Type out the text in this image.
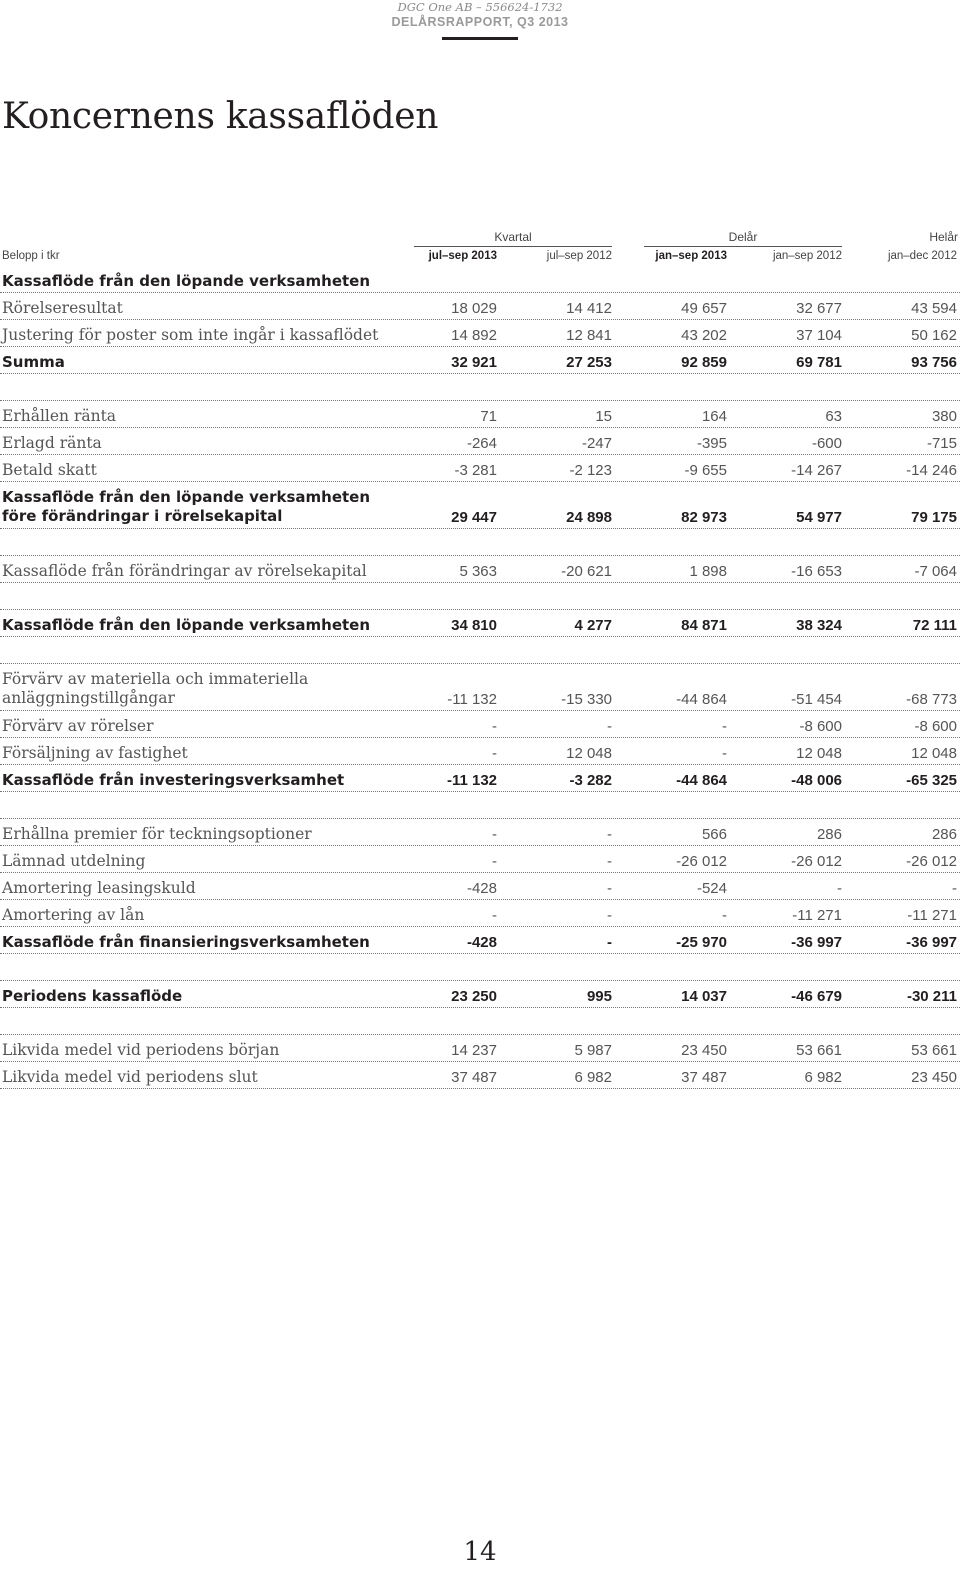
DGC One AB – 556624-1732
DELÅRSRAPPORT, Q3 2013
Koncernens kassaflöden
Kvartal	Delår	Helår
Belopp i tkr	jul–sep 2013	jul–sep 2012	jan–sep 2013	jan–sep 2012	jan–dec 2012
Kassaflöde från den löpande verksamheten
Rörelseresultat	18 029	14 412	49 657	32 677	43 594
Justering för poster som inte ingår i kassaflödet	14 892	12 841	43 202	37 104	50 162
Summa	32 921	27 253	92 859	69 781	93 756
Erhållen ränta	71	15	164	63	380
Erlagd ränta	-264	-247	-395	-600	-715
Betald skatt	-3 281	-2 123	-9 655	-14 267	-14 246
Kassaflöde från den löpande verksamheten före förändringar i rörelsekapital	29 447	24 898	82 973	54 977	79 175
Kassaflöde från förändringar av rörelsekapital	5 363	-20 621	1 898	-16 653	-7 064
Kassaflöde från den löpande verksamheten	34 810	4 277	84 871	38 324	72 111
Förvärv av materiella och immateriella anläggningstillgångar	-11 132	-15 330	-44 864	-51 454	-68 773
Förvärv av rörelser	-	-	-	-8 600	-8 600
Försäljning av fastighet	-	12 048	-	12 048	12 048
Kassaflöde från investeringsverksamhet	-11 132	-3 282	-44 864	-48 006	-65 325
Erhållna premier för teckningsoptioner	-	-	566	286	286
Lämnad utdelning	-	-	-26 012	-26 012	-26 012
Amortering leasingskuld	-428	-	-524	-	-
Amortering av lån	-	-	-	-11 271	-11 271
Kassaflöde från finansieringsverksamheten	-428	-	-25 970	-36 997	-36 997
Periodens kassaflöde	23 250	995	14 037	-46 679	-30 211
Likvida medel vid periodens början	14 237	5 987	23 450	53 661	53 661
Likvida medel vid periodens slut	37 487	6 982	37 487	6 982	23 450
14
